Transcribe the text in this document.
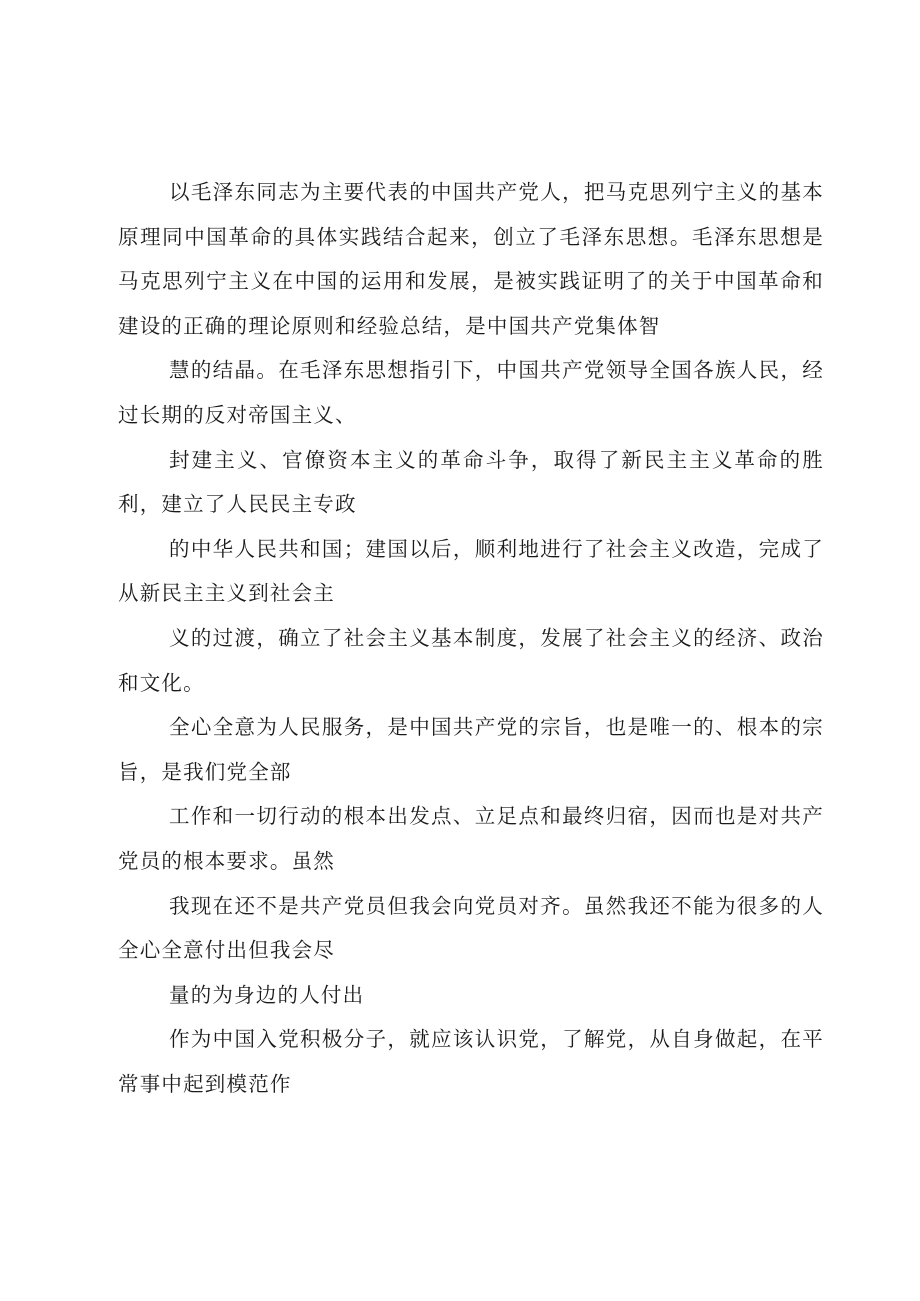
以毛泽东同志为主要代表的中国共产党人，把马克思列宁主义的基本原理同中国革命的具体实践结合起来，创立了毛泽东思想。毛泽东思想是马克思列宁主义在中国的运用和发展，是被实践证明了的关于中国革命和建设的正确的理论原则和经验总结，是中国共产党集体智

慧的结晶。在毛泽东思想指引下，中国共产党领导全国各族人民，经过长期的反对帝国主义、

封建主义、官僚资本主义的革命斗争，取得了新民主主义革命的胜利，建立了人民民主专政

的中华人民共和国；建国以后，顺利地进行了社会主义改造，完成了从新民主主义到社会主

义的过渡，确立了社会主义基本制度，发展了社会主义的经济、政治和文化。

全心全意为人民服务，是中国共产党的宗旨，也是唯一的、根本的宗旨，是我们党全部

工作和一切行动的根本出发点、立足点和最终归宿，因而也是对共产党员的根本要求。虽然

我现在还不是共产党员但我会向党员对齐。虽然我还不能为很多的人全心全意付出但我会尽

量的为身边的人付出

作为中国入党积极分子，就应该认识党，了解党，从自身做起，在平常事中起到模范作
